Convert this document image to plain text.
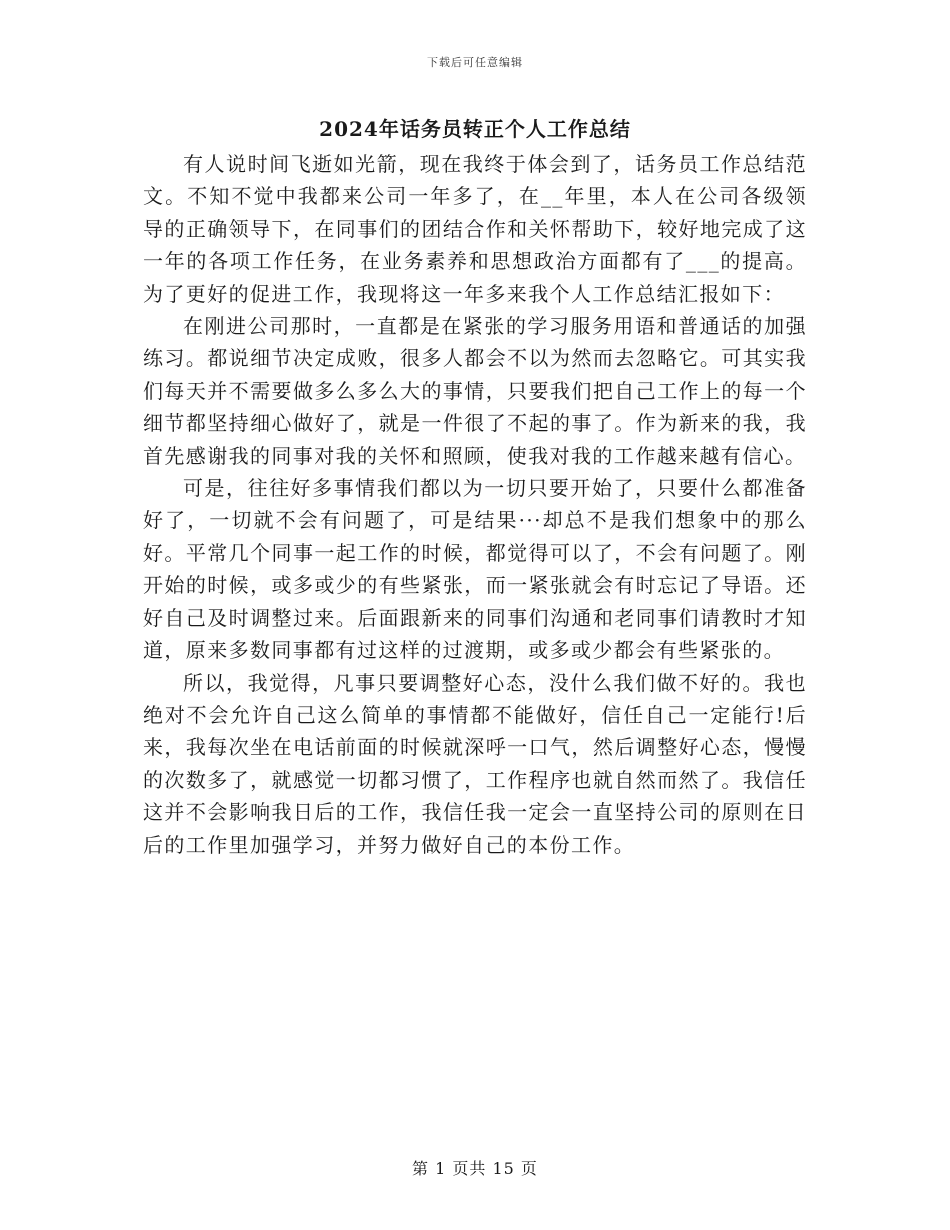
下载后可任意编辑
2024年话务员转正个人工作总结

有人说时间飞逝如光箭，现在我终于体会到了，话务员工作总结范文。不知不觉中我都来公司一年多了，在__年里，本人在公司各级领导的正确领导下，在同事们的团结合作和关怀帮助下，较好地完成了这一年的各项工作任务，在业务素养和思想政治方面都有了___的提高。为了更好的促进工作，我现将这一年多来我个人工作总结汇报如下：

在刚进公司那时，一直都是在紧张的学习服务用语和普通话的加强练习。都说细节决定成败，很多人都会不以为然而去忽略它。可其实我们每天并不需要做多么多么大的事情，只要我们把自己工作上的每一个细节都坚持细心做好了，就是一件很了不起的事了。作为新来的我，我首先感谢我的同事对我的关怀和照顾，使我对我的工作越来越有信心。

可是，往往好多事情我们都以为一切只要开始了，只要什么都准备好了，一切就不会有问题了，可是结果···却总不是我们想象中的那么好。平常几个同事一起工作的时候，都觉得可以了，不会有问题了。刚开始的时候，或多或少的有些紧张，而一紧张就会有时忘记了导语。还好自己及时调整过来。后面跟新来的同事们沟通和老同事们请教时才知道，原来多数同事都有过这样的过渡期，或多或少都会有些紧张的。

所以，我觉得，凡事只要调整好心态，没什么我们做不好的。我也绝对不会允许自己这么简单的事情都不能做好，信任自己一定能行!后来，我每次坐在电话前面的时候就深呼一口气，然后调整好心态，慢慢的次数多了，就感觉一切都习惯了，工作程序也就自然而然了。我信任这并不会影响我日后的工作，我信任我一定会一直坚持公司的原则在日后的工作里加强学习，并努力做好自己的本份工作。

第 1 页共 15 页
